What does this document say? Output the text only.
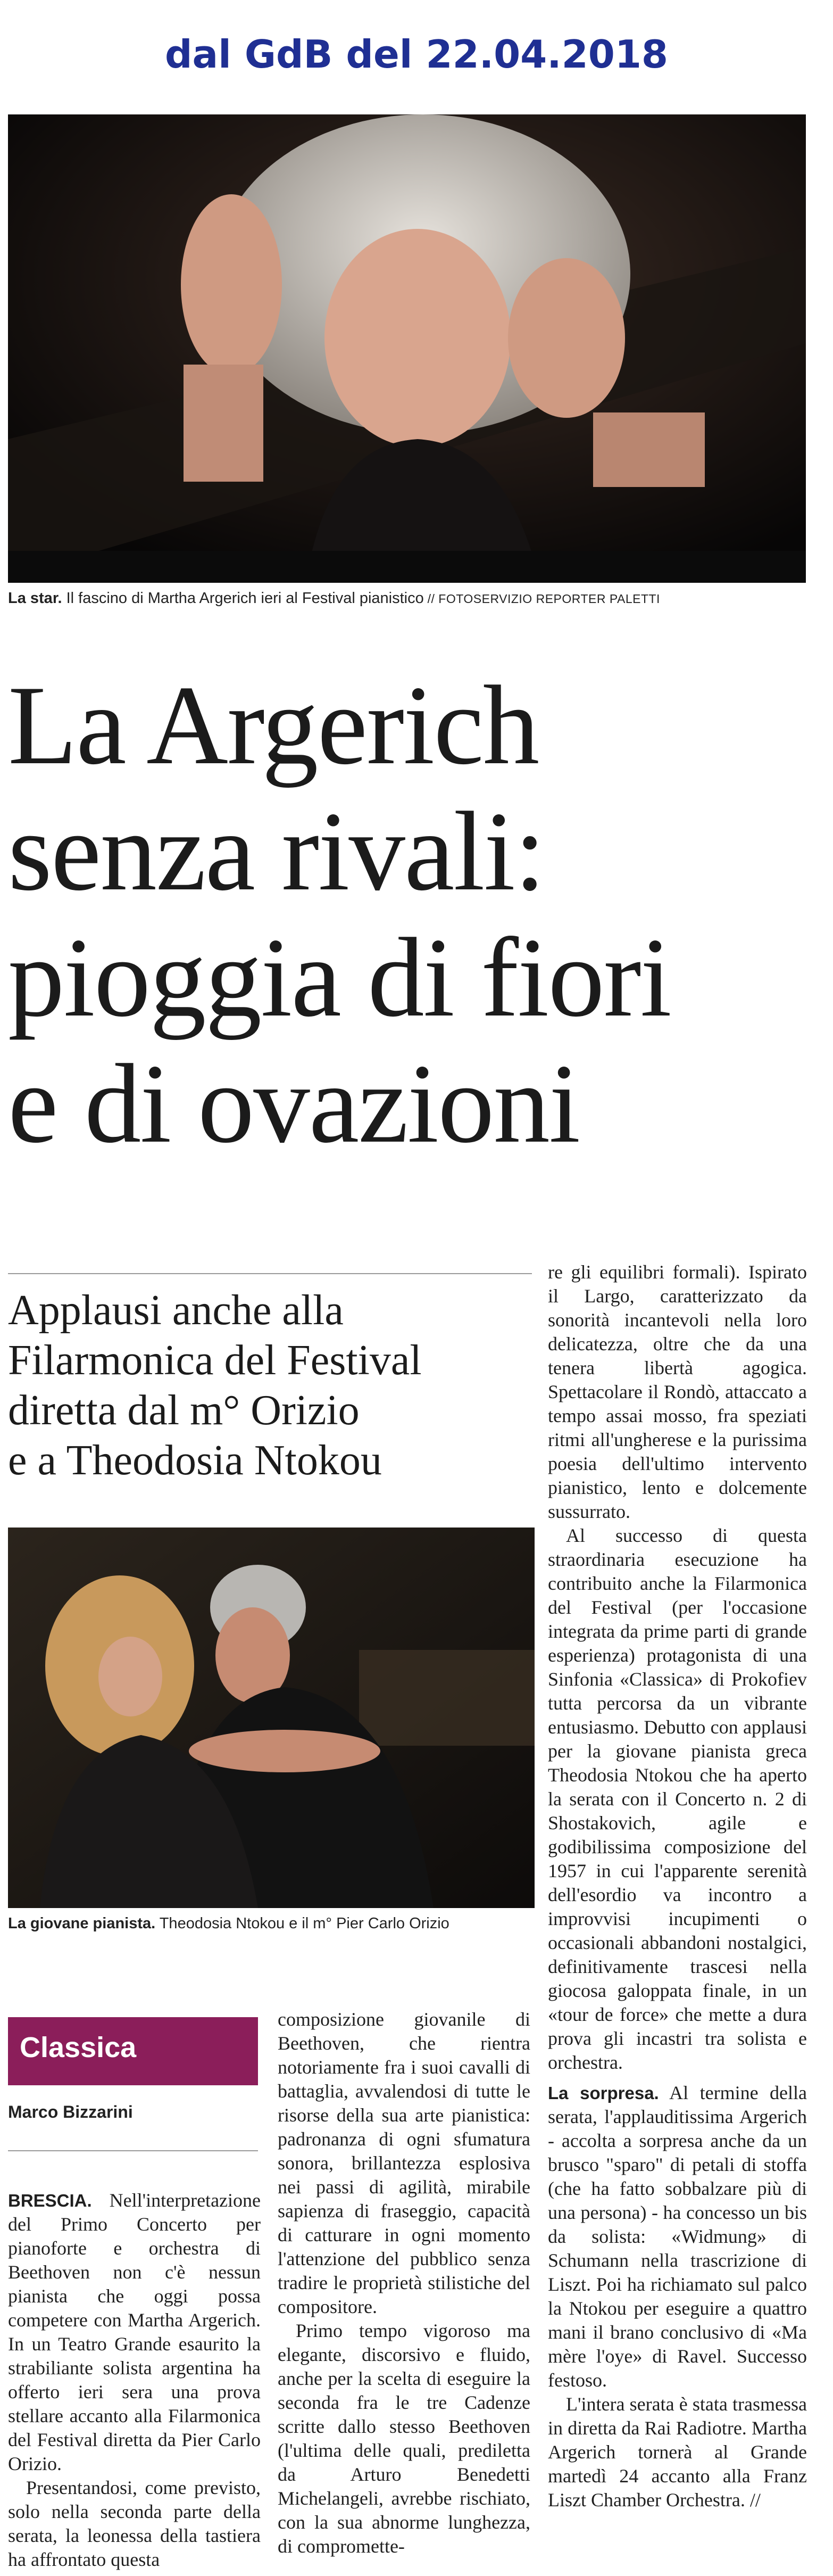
dal GdB del 22.04.2018
La star. Il fascino di Martha Argerich ieri al Festival pianistico // FOTOSERVIZIO REPORTER PALETTI
La Argerich
senza rivali:
pioggia di fiori
e di ovazioni
Applausi anche alla
Filarmonica del Festival
diretta dal m° Orizio
e a Theodosia Ntokou
La giovane pianista. Theodosia Ntokou e il m° Pier Carlo Orizio
Classica
Marco Bizzarini

BRESCIA. Nell'interpretazione del Primo Concerto per pianoforte e orchestra di Beethoven non c'è nessun pianista che oggi possa competere con Martha Argerich. In un Teatro Grande esaurito la strabiliante solista argentina ha offerto ieri sera una prova stellare accanto alla Filarmonica del Festival diretta da Pier Carlo Orizio.

Presentandosi, come previsto, solo nella seconda parte della serata, la leonessa della tastiera ha affrontato questa

composizione giovanile di Beethoven, che rientra notoriamente fra i suoi cavalli di battaglia, avvalendosi di tutte le risorse della sua arte pianistica: padronanza di ogni sfumatura sonora, brillantezza esplosiva nei passi di agilità, mirabile sapienza di fraseggio, capacità di catturare in ogni momento l'attenzione del pubblico senza tradire le proprietà stilistiche del compositore.

Primo tempo vigoroso ma elegante, discorsivo e fluido, anche per la scelta di eseguire la seconda fra le tre Cadenze scritte dallo stesso Beethoven (l'ultima delle quali, prediletta da Arturo Benedetti Michelangeli, avrebbe rischiato, con la sua abnorme lunghezza, di compromette-

re gli equilibri formali). Ispirato il Largo, caratterizzato da sonorità incantevoli nella loro delicatezza, oltre che da una tenera libertà agogica. Spettacolare il Rondò, attaccato a tempo assai mosso, fra speziati ritmi all'ungherese e la purissima poesia dell'ultimo intervento pianistico, lento e dolcemente sussurrato.

Al successo di questa straordinaria esecuzione ha contribuito anche la Filarmonica del Festival (per l'occasione integrata da prime parti di grande esperienza) protagonista di una Sinfonia «Classica» di Prokofiev tutta percorsa da un vibrante entusiasmo. Debutto con applausi per la giovane pianista greca Theodosia Ntokou che ha aperto la serata con il Concerto n. 2 di Shostakovich, agile e godibilissima composizione del 1957 in cui l'apparente serenità dell'esordio va incontro a improvvisi incupimenti o occasionali abbandoni nostalgici, definitivamente trascesi nella giocosa galoppata finale, in un «tour de force» che mette a dura prova gli incastri tra solista e orchestra.

La sorpresa. Al termine della serata, l'applauditissima Argerich - accolta a sorpresa anche da un brusco "sparo" di petali di stoffa (che ha fatto sobbalzare più di una persona) - ha concesso un bis da solista: «Widmung» di Schumann nella trascrizione di Liszt. Poi ha richiamato sul palco la Ntokou per eseguire a quattro mani il brano conclusivo di «Ma mère l'oye» di Ravel. Successo festoso.

L'intera serata è stata trasmessa in diretta da Rai Radiotre. Martha Argerich tornerà al Grande martedì 24 accanto alla Franz Liszt Chamber Orchestra. //
